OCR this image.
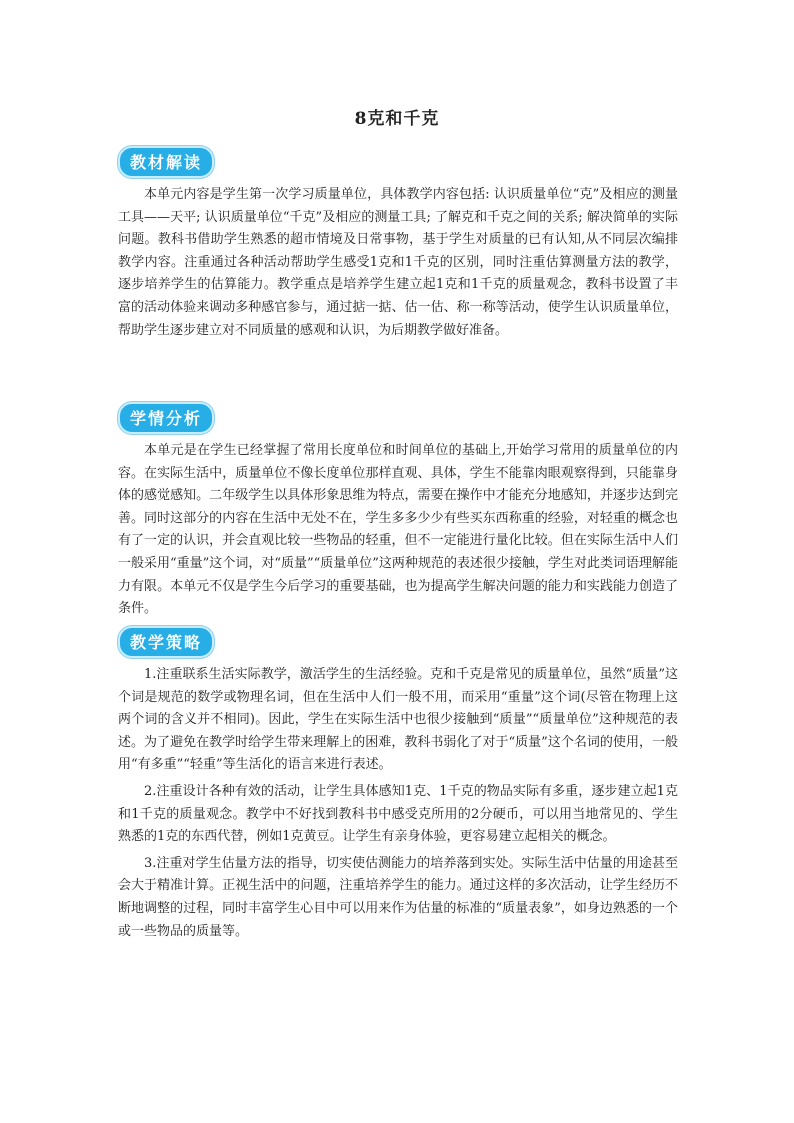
8克和千克
教材解读

本单元内容是学生第一次学习质量单位，具体教学内容包括: 认识质量单位“克”及相应的测量工具——天平; 认识质量单位“千克”及相应的测量工具; 了解克和千克之间的关系; 解决简单的实际问题。教科书借助学生熟悉的超市情境及日常事物，基于学生对质量的已有认知,从不同层次编排教学内容。注重通过各种活动帮助学生感受1克和1千克的区别，同时注重估算测量方法的教学，逐步培养学生的估算能力。教学重点是培养学生建立起1克和1千克的质量观念，教科书设置了丰富的活动体验来调动多种感官参与，通过掂一掂、估一估、称一称等活动，使学生认识质量单位，帮助学生逐步建立对不同质量的感观和认识，为后期教学做好准备。

学情分析

本单元是在学生已经掌握了常用长度单位和时间单位的基础上,开始学习常用的质量单位的内容。在实际生活中，质量单位不像长度单位那样直观、具体，学生不能靠肉眼观察得到，只能靠身体的感觉感知。二年级学生以具体形象思维为特点，需要在操作中才能充分地感知，并逐步达到完善。同时这部分的内容在生活中无处不在，学生多多少少有些买东西称重的经验，对轻重的概念也有了一定的认识，并会直观比较一些物品的轻重，但不一定能进行量化比较。但在实际生活中人们一般采用“重量”这个词，对“质量”“质量单位”这两种规范的表述很少接触，学生对此类词语理解能力有限。本单元不仅是学生今后学习的重要基础，也为提高学生解决问题的能力和实践能力创造了条件。

教学策略

1.注重联系生活实际教学，激活学生的生活经验。克和千克是常见的质量单位，虽然“质量”这个词是规范的数学或物理名词，但在生活中人们一般不用，而采用“重量”这个词(尽管在物理上这两个词的含义并不相同)。因此，学生在实际生活中也很少接触到“质量”“质量单位”这种规范的表述。为了避免在教学时给学生带来理解上的困难，教科书弱化了对于“质量”这个名词的使用，一般用“有多重”“轻重”等生活化的语言来进行表述。

2.注重设计各种有效的活动，让学生具体感知1克、1千克的物品实际有多重，逐步建立起1克和1千克的质量观念。教学中不好找到教科书中感受克所用的2分硬币，可以用当地常见的、学生熟悉的1克的东西代替，例如1克黄豆。让学生有亲身体验，更容易建立起相关的概念。

3.注重对学生估量方法的指导，切实使估测能力的培养落到实处。实际生活中估量的用途甚至会大于精准计算。正视生活中的问题，注重培养学生的能力。通过这样的多次活动，让学生经历不断地调整的过程，同时丰富学生心目中可以用来作为估量的标准的“质量表象”，如身边熟悉的一个或一些物品的质量等。
